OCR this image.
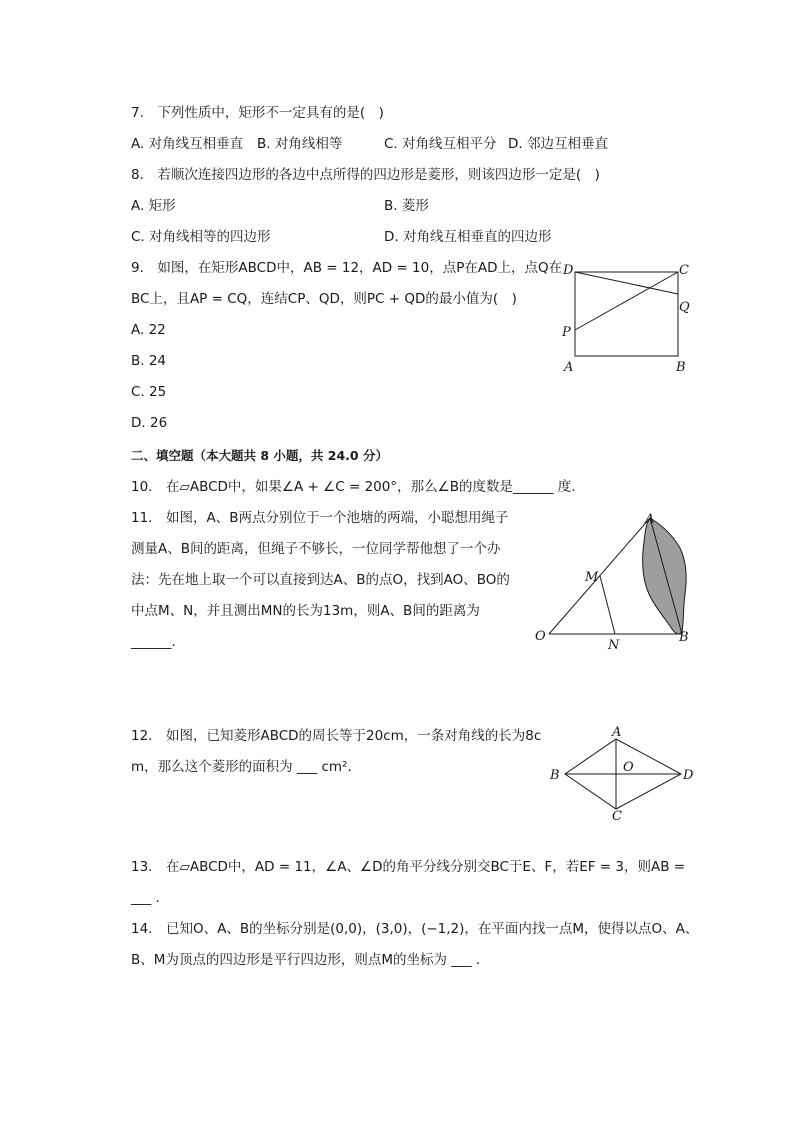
7.　下列性质中，矩形不一定具有的是(　)
A. 对角线互相垂直 B. 对角线相等	C. 对角线互相平分 D. 邻边互相垂直
8.　若顺次连接四边形的各边中点所得的四边形是菱形，则该四边形一定是(　)
A. 矩形	B. 菱形
C. 对角线相等的四边形	D. 对角线互相垂直的四边形
9.　如图，在矩形ABCD中，AB = 12，AD = 10，点P在AD上，点Q在
BC上，且AP = CQ，连结CP、QD，则PC + QD的最小值为(　)
A. 22
B. 24
C. 25
D. 26
D	C
Q
P
A	B
二、填空题（本大题共 8 小题，共 24.0 分）
10.　在▱ABCD中，如果∠A + ∠C = 200°，那么∠B的度数是______ 度.
11.　如图，A、B两点分别位于一个池塘的两端，小聪想用绳子
测量A、B间的距离，但绳子不够长，一位同学帮他想了一个办
法：先在地上取一个可以直接到达A、B的点O，找到AO、BO的
中点M、N，并且测出MN的长为13m，则A、B间的距离为
______.
A
M
O
N
B
12.　如图，已知菱形ABCD的周长等于20cm，一条对角线的长为8c
m，那么这个菱形的面积为 ___ cm².
A
O
B	D
C
13.　在▱ABCD中，AD = 11，∠A、∠D的角平分线分别交BC于E、F，若EF = 3，则AB =
___ .
14.　已知O、A、B的坐标分别是(0,0)，(3,0)，(−1,2)，在平面内找一点M，使得以点O、A、
B、M为顶点的四边形是平行四边形，则点M的坐标为 ___ .
